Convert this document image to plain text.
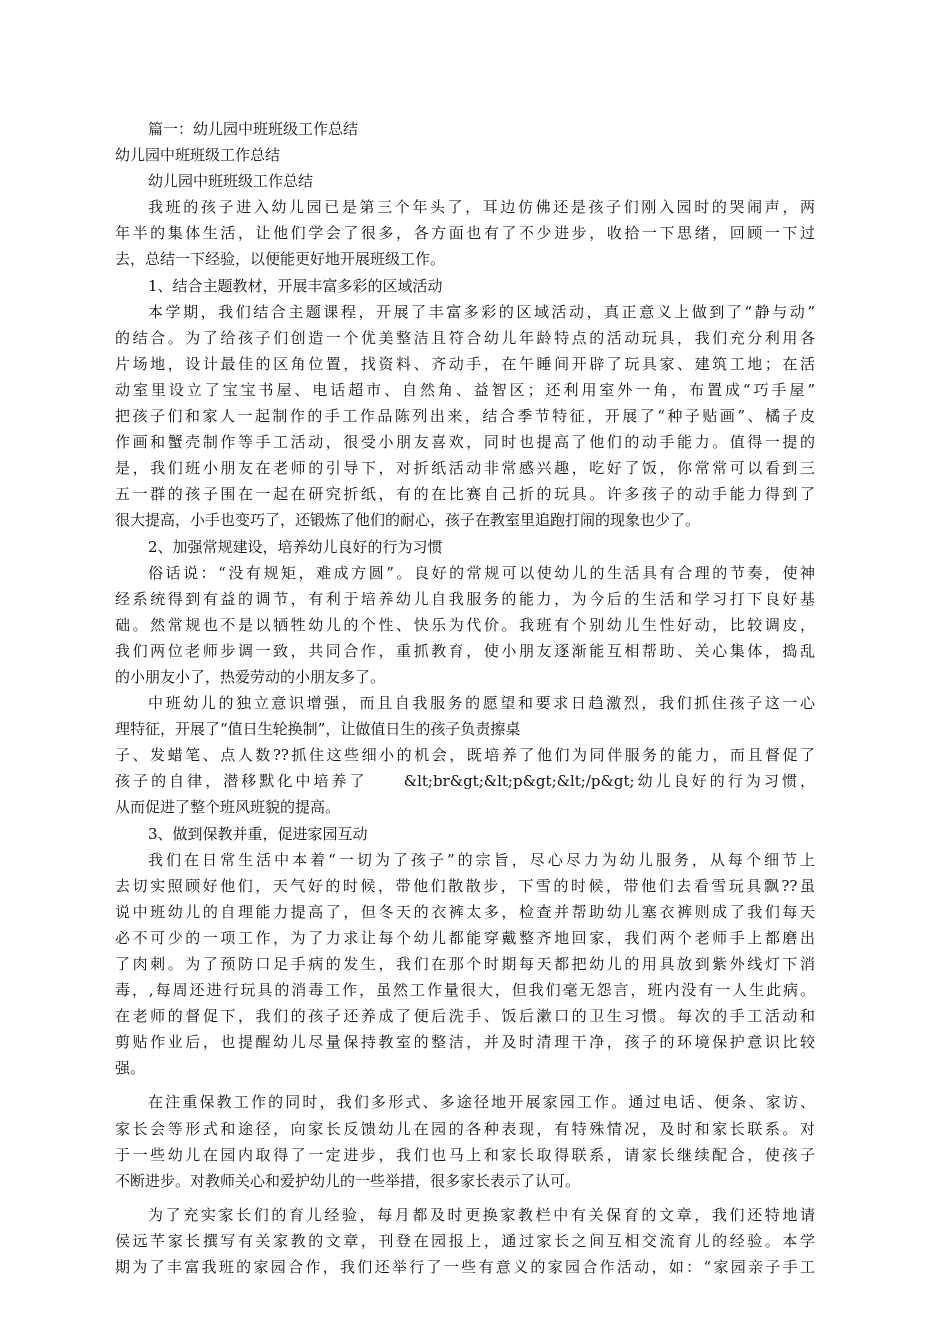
篇一：幼儿园中班班级工作总结
幼儿园中班班级工作总结
幼儿园中班班级工作总结
我班的孩子进入幼儿园已是第三个年头了，耳边仿佛还是孩子们刚入园时的哭闹声，两
年半的集体生活，让他们学会了很多，各方面也有了不少进步，收拾一下思绪，回顾一下过
去，总结一下经验，以便能更好地开展班级工作。
1、结合主题教材，开展丰富多彩的区域活动
本学期，我们结合主题课程，开展了丰富多彩的区域活动，真正意义上做到了“静与动”
的结合。为了给孩子们创造一个优美整洁且符合幼儿年龄特点的活动玩具，我们充分利用各
片场地，设计最佳的区角位置，找资料、齐动手，在午睡间开辟了玩具家、建筑工地；在活
动室里设立了宝宝书屋、电话超市、自然角、益智区；还利用室外一角，布置成“巧手屋”
把孩子们和家人一起制作的手工作品陈列出来，结合季节特征，开展了“种子贴画”、橘子皮
作画和蟹壳制作等手工活动，很受小朋友喜欢，同时也提高了他们的动手能力。值得一提的
是，我们班小朋友在老师的引导下，对折纸活动非常感兴趣，吃好了饭，你常常可以看到三
五一群的孩子围在一起在研究折纸，有的在比赛自己折的玩具。许多孩子的动手能力得到了
很大提高，小手也变巧了，还锻炼了他们的耐心，孩子在教室里追跑打闹的现象也少了。
2、加强常规建设，培养幼儿良好的行为习惯
俗话说：“没有规矩，难成方圆”。良好的常规可以使幼儿的生活具有合理的节奏，使神
经系统得到有益的调节，有利于培养幼儿自我服务的能力，为今后的生活和学习打下良好基
础。然常规也不是以牺牲幼儿的个性、快乐为代价。我班有个别幼儿生性好动，比较调皮，
我们两位老师步调一致，共同合作，重抓教育，使小朋友逐渐能互相帮助、关心集体，捣乱
的小朋友小了，热爱劳动的小朋友多了。
中班幼儿的独立意识增强，而且自我服务的愿望和要求日趋激烈，我们抓住孩子这一心
理特征，开展了“值日生轮换制”，让做值日生的孩子负责擦桌
子、发蜡笔、点人数??抓住这些细小的机会，既培养了他们为同伴服务的能力，而且督促了
孩子的自律，潜移默化中培养了　　&lt;br&gt;&lt;p&gt;&lt;/p&gt;幼儿良好的行为习惯，
从而促进了整个班风班貌的提高。
3、做到保教并重，促进家园互动
我们在日常生活中本着“一切为了孩子”的宗旨，尽心尽力为幼儿服务，从每个细节上
去切实照顾好他们，天气好的时候，带他们散散步，下雪的时候，带他们去看雪玩具飘??虽
说中班幼儿的自理能力提高了，但冬天的衣裤太多，检查并帮助幼儿塞衣裤则成了我们每天
必不可少的一项工作，为了力求让每个幼儿都能穿戴整齐地回家，我们两个老师手上都磨出
了肉刺。为了预防口足手病的发生，我们在那个时期每天都把幼儿的用具放到紫外线灯下消
毒，,每周还进行玩具的消毒工作，虽然工作量很大，但我们毫无怨言，班内没有一人生此病。
在老师的督促下，我们的孩子还养成了便后洗手、饭后漱口的卫生习惯。每次的手工活动和
剪贴作业后，也提醒幼儿尽量保持教室的整洁，并及时清理干净，孩子的环境保护意识比较
强。
在注重保教工作的同时，我们多形式、多途径地开展家园工作。通过电话、便条、家访、
家长会等形式和途径，向家长反馈幼儿在园的各种表现，有特殊情况，及时和家长联系。对
于一些幼儿在园内取得了一定进步，我们也马上和家长取得联系，请家长继续配合，使孩子
不断进步。对教师关心和爱护幼儿的一些举措，很多家长表示了认可。
为了充实家长们的育儿经验，每月都及时更换家教栏中有关保育的文章，我们还特地请
侯远芊家长撰写有关家教的文章，刊登在园报上，通过家长之间互相交流育儿的经验。本学
期为了丰富我班的家园合作，我们还举行了一些有意义的家园合作活动，如：“家园亲子手工
